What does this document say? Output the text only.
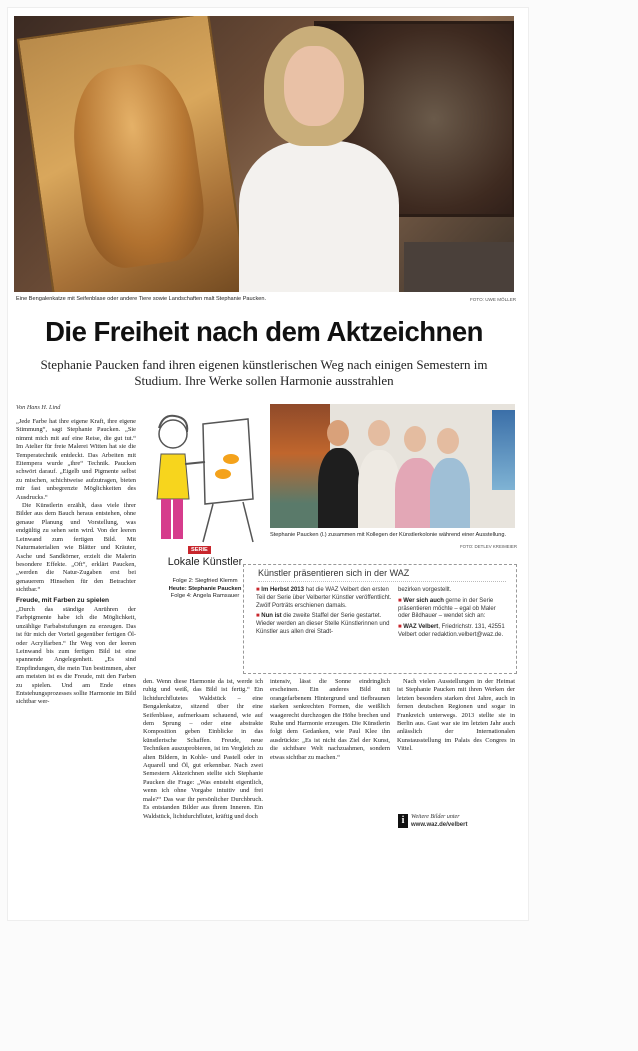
Eine Bengalenkatze mit Seifenblase oder andere Tiere sowie Landschaften malt Stephanie Paucken.	FOTO: UWE MÖLLER
Die Freiheit nach dem Aktzeichnen
Stephanie Paucken fand ihren eigenen künstlerischen Weg nach einigen Semestern im Studium. Ihre Werke sollen Harmonie ausstrahlen
Von Hans H. Lind

„Jede Farbe hat ihre eigene Kraft, ihre eigene Stimmung“, sagt Stephanie Paucken. „Sie nimmt mich mit auf eine Reise, die gut tut.“ Im Atelier für freie Malerei Witten hat sie die Temperatechnik entdeckt. Das Arbeiten mit Eitempera wurde „ihre“ Technik. Paucken schwört darauf. „Eigelb und Pigmente selbst zu mischen, schichtweise aufzutragen, bieten mir fast unbegrenzte Möglichkeiten des Ausdrucks.“

Die Künstlerin erzählt, dass viele ihrer Bilder aus dem Bauch heraus entstehen, ohne genaue Planung und Vorstellung, was endgültig zu sehen sein wird. Von der leeren Leinwand zum fertigen Bild. Mit Naturmaterialien wie Blätter und Kräuter, Asche und Sandkörner, erzielt die Malerin besondere Effekte. „Oft“, erklärt Paucken, „werden die Natur-Zugaben erst bei genauerem Hinsehen für den Betrachter sichtbar.“

Freude, mit Farben zu spielen

„Durch das ständige Anrühren der Farbpigmente habe ich die Möglichkeit, unzählige Farbabstufungen zu erzeugen. Das ist für mich der Vorteil gegenüber fertigen Öl- oder Acrylfarben.“ Ihr Weg von der leeren Leinwand bis zum fertigen Bild ist eine spannende Angelegenheit. „Es sind Empfindungen, die mein Tun bestimmen, aber am meisten ist es die Freude, mit den Farben zu spielen. Und am Ende eines Entstehungsprozesses sollte Harmonie im Bild sichtbar wer-

SERIE
Lokale Künstler
Folge 2: Siegfried Klemm
Heute: Stephanie Paucken
Folge 4: Angela Ramsauer
Stephanie Paucken (l.) zusammen mit Kollegen der Künstlerkolonie während einer Ausstellung.
FOTO: DETLEV KREIMEIER
Künstler präsentieren sich in der WAZ
■ Im Herbst 2013 hat die WAZ Velbert den ersten Teil der Serie über Velberter Künstler veröffentlicht. Zwölf Porträts erschienen damals.
■ Nun ist die zweite Staffel der Serie gestartet. Wieder werden an dieser Stelle Künstlerinnen und Künstler aus allen drei Stadt-
bezirken vorgestellt.
■ Wer sich auch gerne in der Serie präsentieren möchte – egal ob Maler oder Bildhauer – wendet sich an:
■ WAZ Velbert, Friedrichstr. 131, 42551 Velbert oder redaktion.velbert@waz.de.

den. Wenn diese Harmonie da ist, werde ich ruhig und weiß, das Bild ist fertig.“ Ein lichtdurchflutetes Waldstück – eine Bengalenkatze, sitzend über ihr eine Seifenblase, aufmerksam schauend, wie auf dem Sprung – oder eine abstrakte Komposition geben Einblicke in das künstlerische Schaffen. Freude, neue Techniken auszuprobieren, ist im Vergleich zu alten Bildern, in Kohle- und Pastell oder in Aquarell und Öl, gut erkennbar. Nach zwei Semestern Aktzeichnen stellte sich Stephanie Paucken die Frage: „Was entsteht eigentlich, wenn ich ohne Vorgabe intuitiv und frei male?“ Das war ihr persönlicher Durchbruch. Es entstanden Bilder aus ihrem Inneren. Ein Waldstück, lichtdurchflutet, kräftig und doch

intensiv, lässt die Sonne eindringlich erscheinen. Ein anderes Bild mit orangefarbenem Hintergrund und tiefbraunen starken senkrechten Formen, die weißlich waagerecht durchzogen die Höhe brechen und Ruhe und Harmonie erzeugen. Die Künstlerin folgt dem Gedanken, wie Paul Klee ihn ausdrückte: „Es ist nicht das Ziel der Kunst, die sichtbare Welt nachzuahmen, sondern etwas sichtbar zu machen.“

Nach vielen Ausstellungen in der Heimat ist Stephanie Paucken mit ihren Werken der letzten besonders starken drei Jahre, auch in fernen deutschen Regionen und sogar in Frankreich unterwegs. 2013 stellte sie in Berlin aus. Gast war sie im letzten Jahr auch anlässlich der Internationalen Kunstausstellung im Palais des Congres in Vittel.

i Weitere Bilder unter
www.waz.de/velbert
